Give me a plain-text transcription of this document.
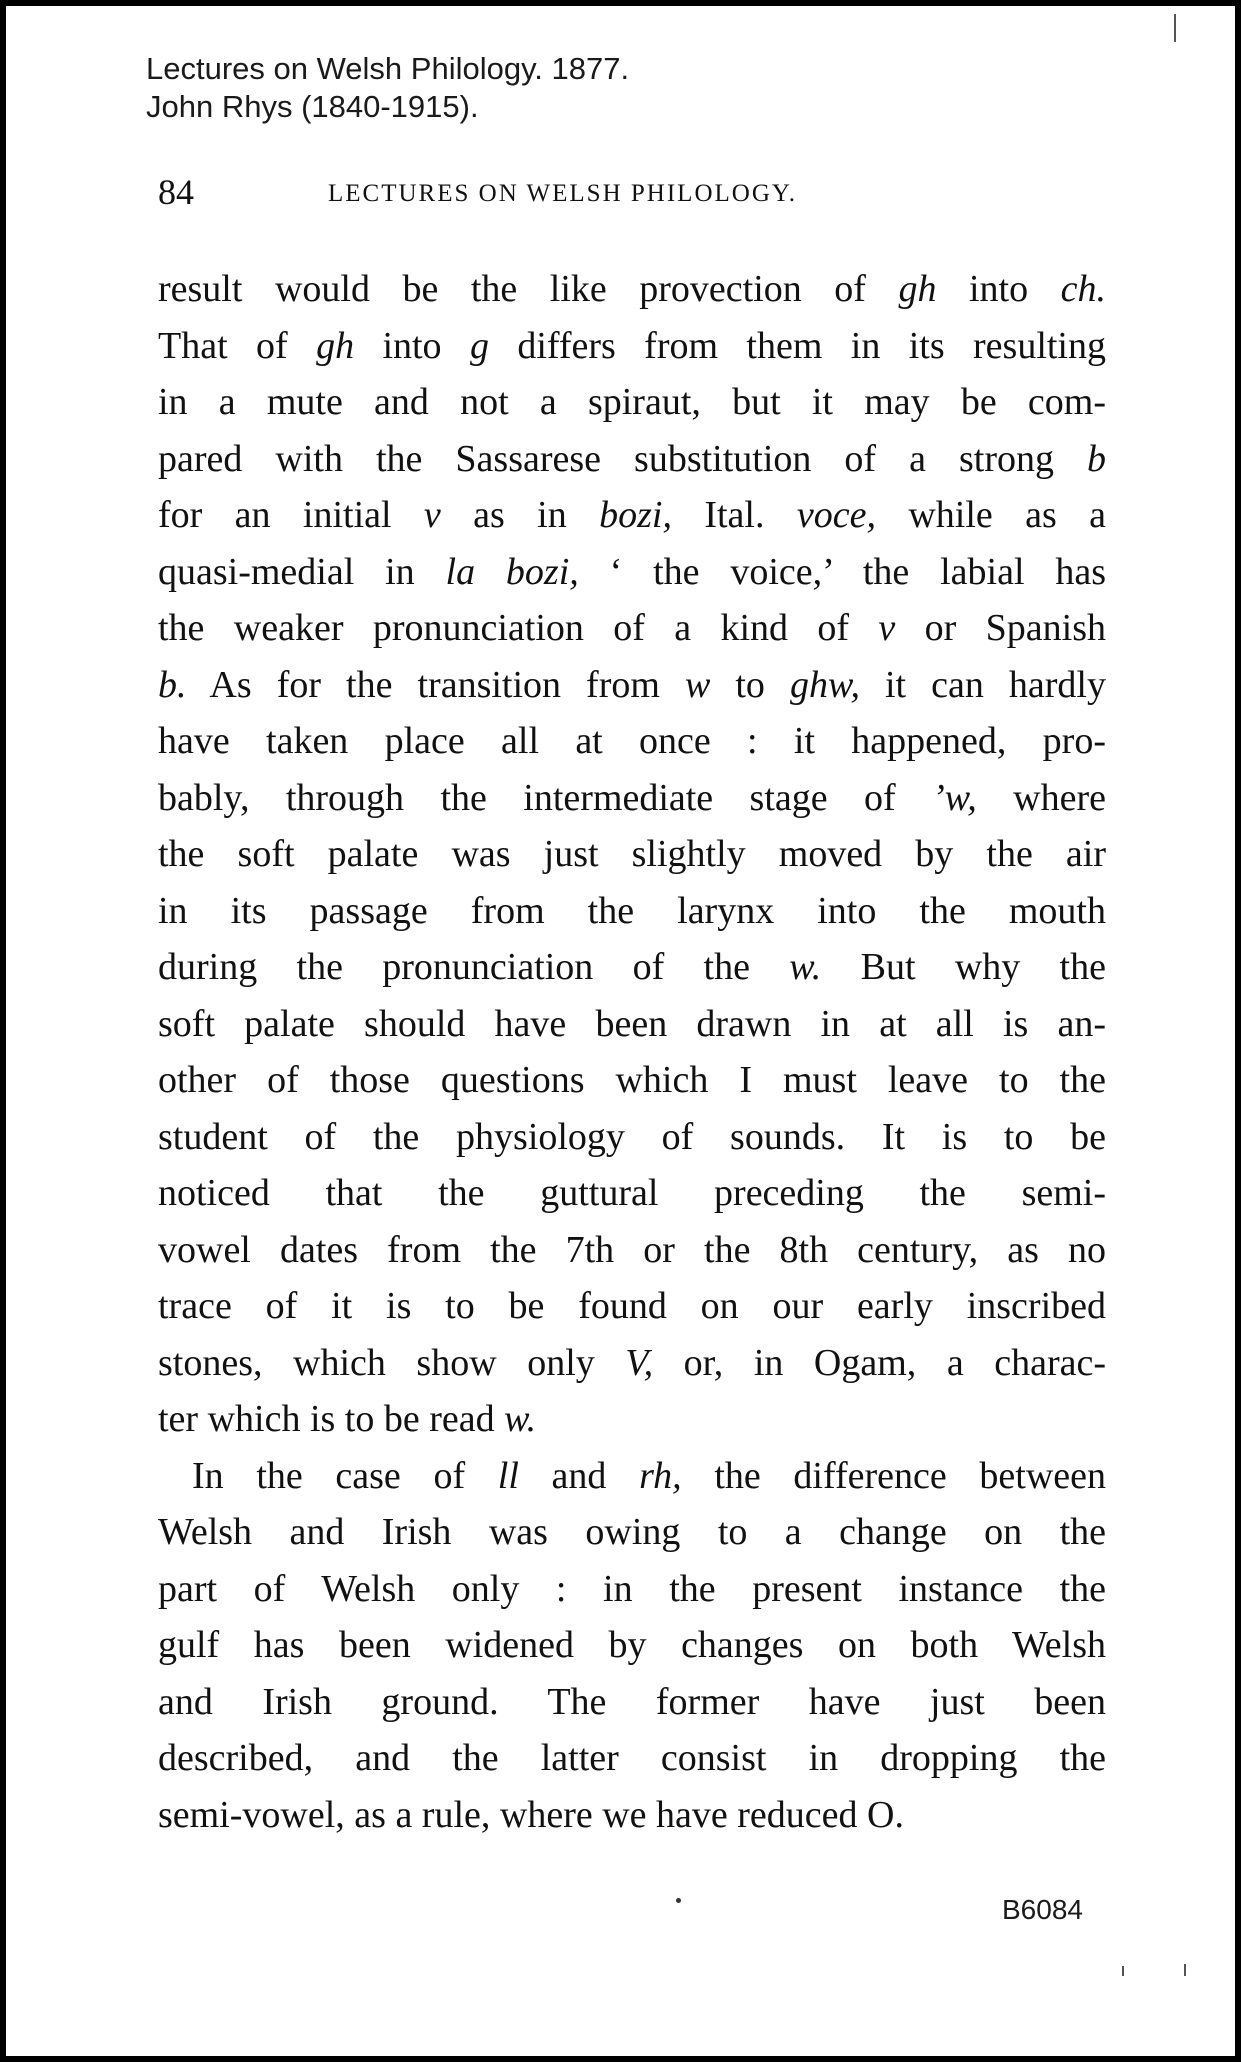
Lectures on Welsh Philology. 1877.
John Rhys (1840-1915).
84	LECTURES ON WELSH PHILOLOGY.
result would be the like provection of gh into ch.
That of gh into g differs from them in its resulting
in a mute and not a spiraut, but it may be com-
pared with the Sassarese substitution of a strong b
for an initial v as in bozi, Ital. voce, while as a
quasi-medial in la bozi, ‘ the voice,’ the labial has
the weaker pronunciation of a kind of v or Spanish
b. As for the transition from w to ghw, it can hardly
have taken place all at once : it happened, pro-
bably, through the intermediate stage of ’w, where
the soft palate was just slightly moved by the air
in its passage from the larynx into the mouth
during the pronunciation of the w. But why the
soft palate should have been drawn in at all is an-
other of those questions which I must leave to the
student of the physiology of sounds. It is to be
noticed that the guttural preceding the semi-
vowel dates from the 7th or the 8th century, as no
trace of it is to be found on our early inscribed
stones, which show only V, or, in Ogam, a charac-
ter which is to be read w.
In the case of ll and rh, the difference between
Welsh and Irish was owing to a change on the
part of Welsh only : in the present instance the
gulf has been widened by changes on both Welsh
and Irish ground. The former have just been
described, and the latter consist in dropping the
semi-vowel, as a rule, where we have reduced O.
B6084
